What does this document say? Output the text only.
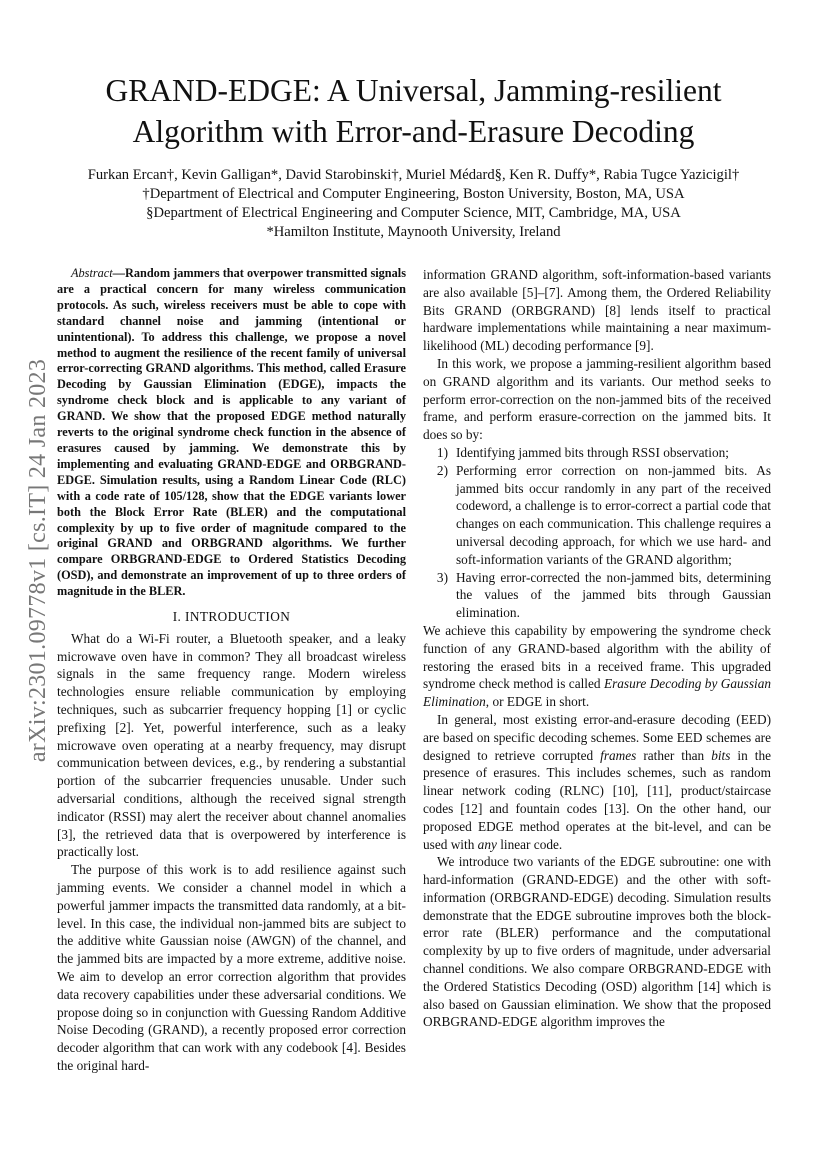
arXiv:2301.09778v1 [cs.IT] 24 Jan 2023
GRAND-EDGE: A Universal, Jamming-resilient
Algorithm with Error-and-Erasure Decoding
Furkan Ercan†, Kevin Galligan*, David Starobinski†, Muriel Médard§, Ken R. Duffy*, Rabia Tugce Yazicigil†
†Department of Electrical and Computer Engineering, Boston University, Boston, MA, USA
§Department of Electrical Engineering and Computer Science, MIT, Cambridge, MA, USA
*Hamilton Institute, Maynooth University, Ireland

Abstract—Random jammers that overpower transmitted signals are a practical concern for many wireless communication protocols. As such, wireless receivers must be able to cope with standard channel noise and jamming (intentional or unintentional). To address this challenge, we propose a novel method to augment the resilience of the recent family of universal error-correcting GRAND algorithms. This method, called Erasure Decoding by Gaussian Elimination (EDGE), impacts the syndrome check block and is applicable to any variant of GRAND. We show that the proposed EDGE method naturally reverts to the original syndrome check function in the absence of erasures caused by jamming. We demonstrate this by implementing and evaluating GRAND-EDGE and ORBGRAND-EDGE. Simulation results, using a Random Linear Code (RLC) with a code rate of 105/128, show that the EDGE variants lower both the Block Error Rate (BLER) and the computational complexity by up to five order of magnitude compared to the original GRAND and ORBGRAND algorithms. We further compare ORBGRAND-EDGE to Ordered Statistics Decoding (OSD), and demonstrate an improvement of up to three orders of magnitude in the BLER.

I. INTRODUCTION

What do a Wi-Fi router, a Bluetooth speaker, and a leaky microwave oven have in common? They all broadcast wireless signals in the same frequency range. Modern wireless technologies ensure reliable communication by employing techniques, such as subcarrier frequency hopping [1] or cyclic prefixing [2]. Yet, powerful interference, such as a leaky microwave oven operating at a nearby frequency, may disrupt communication between devices, e.g., by rendering a substantial portion of the subcarrier frequencies unusable. Under such adversarial conditions, although the received signal strength indicator (RSSI) may alert the receiver about channel anomalies [3], the retrieved data that is overpowered by interference is practically lost.

The purpose of this work is to add resilience against such jamming events. We consider a channel model in which a powerful jammer impacts the transmitted data randomly, at a bit-level. In this case, the individual non-jammed bits are subject to the additive white Gaussian noise (AWGN) of the channel, and the jammed bits are impacted by a more extreme, additive noise. We aim to develop an error correction algorithm that provides data recovery capabilities under these adversarial conditions. We propose doing so in conjunction with Guessing Random Additive Noise Decoding (GRAND), a recently proposed error correction decoder algorithm that can work with any codebook [4]. Besides the original hard-

information GRAND algorithm, soft-information-based variants are also available [5]–[7]. Among them, the Ordered Reliability Bits GRAND (ORBGRAND) [8] lends itself to practical hardware implementations while maintaining a near maximum-likelihood (ML) decoding performance [9].

In this work, we propose a jamming-resilient algorithm based on GRAND algorithm and its variants. Our method seeks to perform error-correction on the non-jammed bits of the received frame, and perform erasure-correction on the jammed bits. It does so by:

1) Identifying jammed bits through RSSI observation;
2) Performing error correction on non-jammed bits. As jammed bits occur randomly in any part of the received codeword, a challenge is to error-correct a partial code that changes on each communication. This challenge requires a universal decoding approach, for which we use hard- and soft-information variants of the GRAND algorithm;
3) Having error-corrected the non-jammed bits, determining the values of the jammed bits through Gaussian elimination.

We achieve this capability by empowering the syndrome check function of any GRAND-based algorithm with the ability of restoring the erased bits in a received frame. This upgraded syndrome check method is called Erasure Decoding by Gaussian Elimination, or EDGE in short.

In general, most existing error-and-erasure decoding (EED) are based on specific decoding schemes. Some EED schemes are designed to retrieve corrupted frames rather than bits in the presence of erasures. This includes schemes, such as random linear network coding (RLNC) [10], [11], product/staircase codes [12] and fountain codes [13]. On the other hand, our proposed EDGE method operates at the bit-level, and can be used with any linear code.

We introduce two variants of the EDGE subroutine: one with hard-information (GRAND-EDGE) and the other with soft-information (ORBGRAND-EDGE) decoding. Simulation results demonstrate that the EDGE subroutine improves both the block-error rate (BLER) performance and the computational complexity by up to five orders of magnitude, under adversarial channel conditions. We also compare ORBGRAND-EDGE with the Ordered Statistics Decoding (OSD) algorithm [14] which is also based on Gaussian elimination. We show that the proposed ORBGRAND-EDGE algorithm improves the
